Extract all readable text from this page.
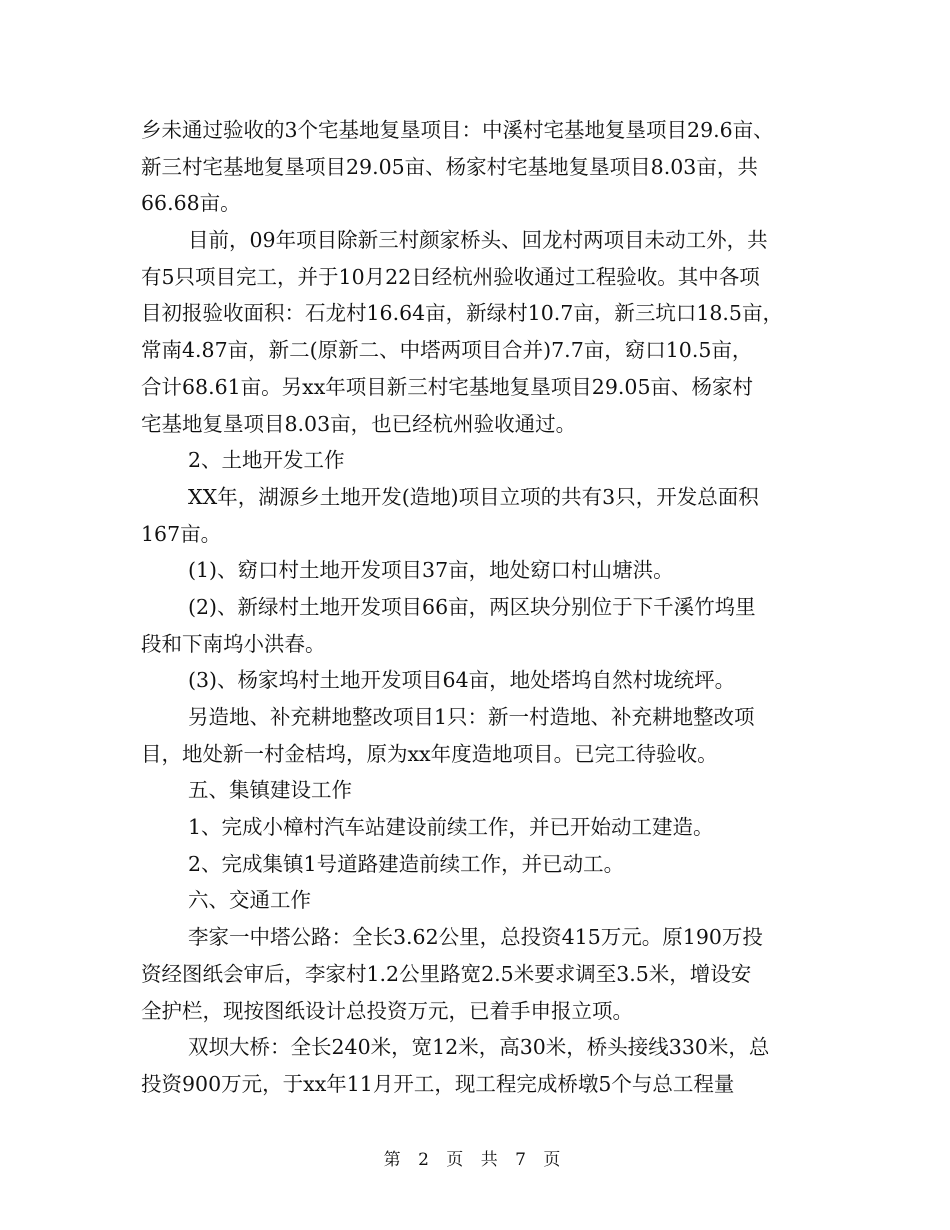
乡未通过验收的3个宅基地复垦项目：中溪村宅基地复垦项目29.6亩、
新三村宅基地复垦项目29.05亩、杨家村宅基地复垦项目8.03亩，共
66.68亩。
目前，09年项目除新三村颜家桥头、回龙村两项目未动工外，共
有5只项目完工，并于10月22日经杭州验收通过工程验收。其中各项
目初报验收面积：石龙村16.64亩，新绿村10.7亩，新三坑口18.5亩，
常南4.87亩，新二(原新二、中塔两项目合并)7.7亩，窈口10.5亩，
合计68.61亩。另xx年项目新三村宅基地复垦项目29.05亩、杨家村
宅基地复垦项目8.03亩，也已经杭州验收通过。
2、土地开发工作
XX年，湖源乡土地开发(造地)项目立项的共有3只，开发总面积
167亩。
(1)、窈口村土地开发项目37亩，地处窈口村山塘洪。
(2)、新绿村土地开发项目66亩，两区块分别位于下千溪竹坞里
段和下南坞小洪春。
(3)、杨家坞村土地开发项目64亩，地处塔坞自然村垅统坪。
另造地、补充耕地整改项目1只：新一村造地、补充耕地整改项
目，地处新一村金桔坞，原为xx年度造地项目。已完工待验收。
五、集镇建设工作
1、完成小樟村汽车站建设前续工作，并已开始动工建造。
2、完成集镇1号道路建造前续工作，并已动工。
六、交通工作
李家一中塔公路：全长3.62公里，总投资415万元。原190万投
资经图纸会审后，李家村1.2公里路宽2.5米要求调至3.5米，增设安
全护栏，现按图纸设计总投资万元，已着手申报立项。
双坝大桥：全长240米，宽12米，高30米，桥头接线330米，总
投资900万元，于xx年11月开工，现工程完成桥墩5个与总工程量
第 2 页 共 7 页
